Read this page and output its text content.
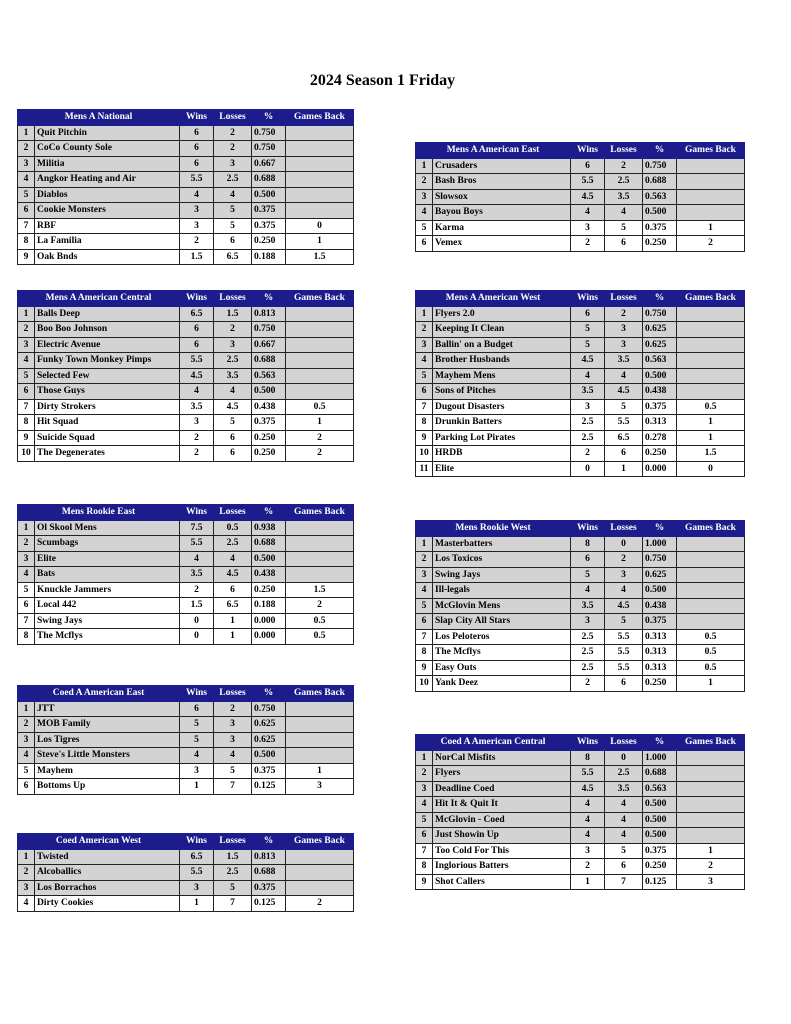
2024 Season 1 Friday
Mens A National		Wins	Losses	%	Games Back
1	Quit Pitchin	6	2	0.750	
2	CoCo County Sole	6	2	0.750	
3	Militia	6	3	0.667	
4	Angkor Heating and Air	5.5	2.5	0.688	
5	Diablos	4	4	0.500	
6	Cookie Monsters	3	5	0.375	
7	RBF	3	5	0.375	0
8	La Familia	2	6	0.250	1
9	Oak Bnds	1.5	6.5	0.188	1.5
Mens A American East		Wins	Losses	%	Games Back
1	Crusaders	6	2	0.750	
2	Bash Bros	5.5	2.5	0.688	
3	Slowsox	4.5	3.5	0.563	
4	Bayou Boys	4	4	0.500	
5	Karma	3	5	0.375	1
6	Vemex	2	6	0.250	2
Mens A American Central		Wins	Losses	%	Games Back
1	Balls Deep	6.5	1.5	0.813	
2	Boo Boo Johnson	6	2	0.750	
3	Electric Avenue	6	3	0.667	
4	Funky Town Monkey Pimps	5.5	2.5	0.688	
5	Selected Few	4.5	3.5	0.563	
6	Those Guys	4	4	0.500	
7	Dirty Strokers	3.5	4.5	0.438	0.5
8	Hit Squad	3	5	0.375	1
9	Suicide Squad	2	6	0.250	2
10	The Degenerates	2	6	0.250	2
Mens A American West		Wins	Losses	%	Games Back
1	Flyers 2.0	6	2	0.750	
2	Keeping It Clean	5	3	0.625	
3	Ballin' on a Budget	5	3	0.625	
4	Brother Husbands	4.5	3.5	0.563	
5	Mayhem Mens	4	4	0.500	
6	Sons of Pitches	3.5	4.5	0.438	
7	Dugout Disasters	3	5	0.375	0.5
8	Drunkin Batters	2.5	5.5	0.313	1
9	Parking Lot Pirates	2.5	6.5	0.278	1
10	HRDB	2	6	0.250	1.5
11	Elite	0	1	0.000	0
Mens Rookie East		Wins	Losses	%	Games Back
1	Ol Skool Mens	7.5	0.5	0.938	
2	Scumbags	5.5	2.5	0.688	
3	Elite	4	4	0.500	
4	Bats	3.5	4.5	0.438	
5	Knuckle Jammers	2	6	0.250	1.5
6	Local 442	1.5	6.5	0.188	2
7	Swing Jays	0	1	0.000	0.5
8	The Mcflys	0	1	0.000	0.5
Mens Rookie West		Wins	Losses	%	Games Back
1	Masterbatters	8	0	1.000	
2	Los Toxicos	6	2	0.750	
3	Swing Jays	5	3	0.625	
4	Ill-legals	4	4	0.500	
5	McGlovin Mens	3.5	4.5	0.438	
6	Slap City All Stars	3	5	0.375	
7	Los Peloteros	2.5	5.5	0.313	0.5
8	The Mcflys	2.5	5.5	0.313	0.5
9	Easy Outs	2.5	5.5	0.313	0.5
10	Yank Deez	2	6	0.250	1
Coed A American East		Wins	Losses	%	Games Back
1	JTT	6	2	0.750	
2	MOB Family	5	3	0.625	
3	Los Tigres	5	3	0.625	
4	Steve's Little Monsters	4	4	0.500	
5	Mayhem	3	5	0.375	1
6	Bottoms Up	1	7	0.125	3
Coed A American Central		Wins	Losses	%	Games Back
1	NorCal Misfits	8	0	1.000	
2	Flyers	5.5	2.5	0.688	
3	Deadline Coed	4.5	3.5	0.563	
4	Hit It & Quit It	4	4	0.500	
5	McGlovin - Coed	4	4	0.500	
6	Just Showin Up	4	4	0.500	
7	Too Cold For This	3	5	0.375	1
8	Inglorious Batters	2	6	0.250	2
9	Shot Callers	1	7	0.125	3
Coed American West		Wins	Losses	%	Games Back
1	Twisted	6.5	1.5	0.813	
2	Alcoballics	5.5	2.5	0.688	
3	Los Borrachos	3	5	0.375	
4	Dirty Cookies	1	7	0.125	2
